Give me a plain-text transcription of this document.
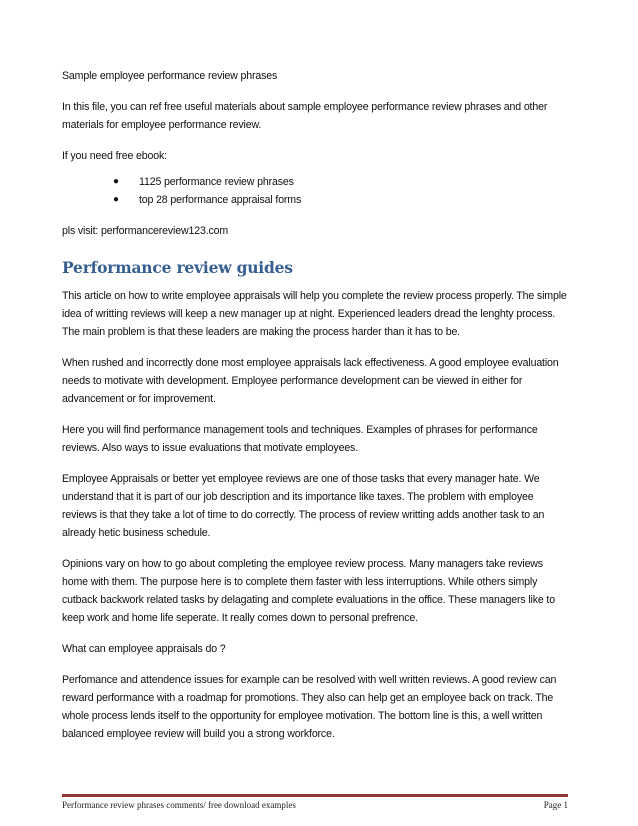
Sample employee performance review phrases

In this file, you can ref free useful materials about sample employee performance review phrases and other materials for employee performance review.

If you need free ebook:

● 1125 performance review phrases
● top 28 performance appraisal forms

pls visit: performancereview123.com

Performance review guides

This article on how to write employee appraisals will help you complete the review process properly. The simple idea of writting reviews will keep a new manager up at night. Experienced leaders dread the lenghty process. The main problem is that these leaders are making the process harder than it has to be.

When rushed and incorrectly done most employee appraisals lack effectiveness. A good employee evaluation needs to motivate with development. Employee performance development can be viewed in either for advancement or for improvement.

Here you will find performance management tools and techniques. Examples of phrases for performance reviews. Also ways to issue evaluations that motivate employees.

Employee Appraisals or better yet employee reviews are one of those tasks that every manager hate. We understand that it is part of our job description and its importance like taxes. The problem with employee reviews is that they take a lot of time to do correctly. The process of review writting adds another task to an already hetic business schedule.

Opinions vary on how to go about completing the employee review process. Many managers take reviews home with them. The purpose here is to complete them faster with less interruptions. While others simply cutback backwork related tasks by delagating and complete evaluations in the office. These managers like to keep work and home life seperate. It really comes down to personal prefrence.

What can employee appraisals do ?

Perfomance and attendence issues for example can be resolved with well written reviews. A good review can reward performance with a roadmap for promotions. They also can help get an employee back on track. The whole process lends itself to the opportunity for employee motivation. The bottom line is this, a well written balanced employee review will build you a strong workforce.

Performance review phrases comments/ free download examples	Page 1
